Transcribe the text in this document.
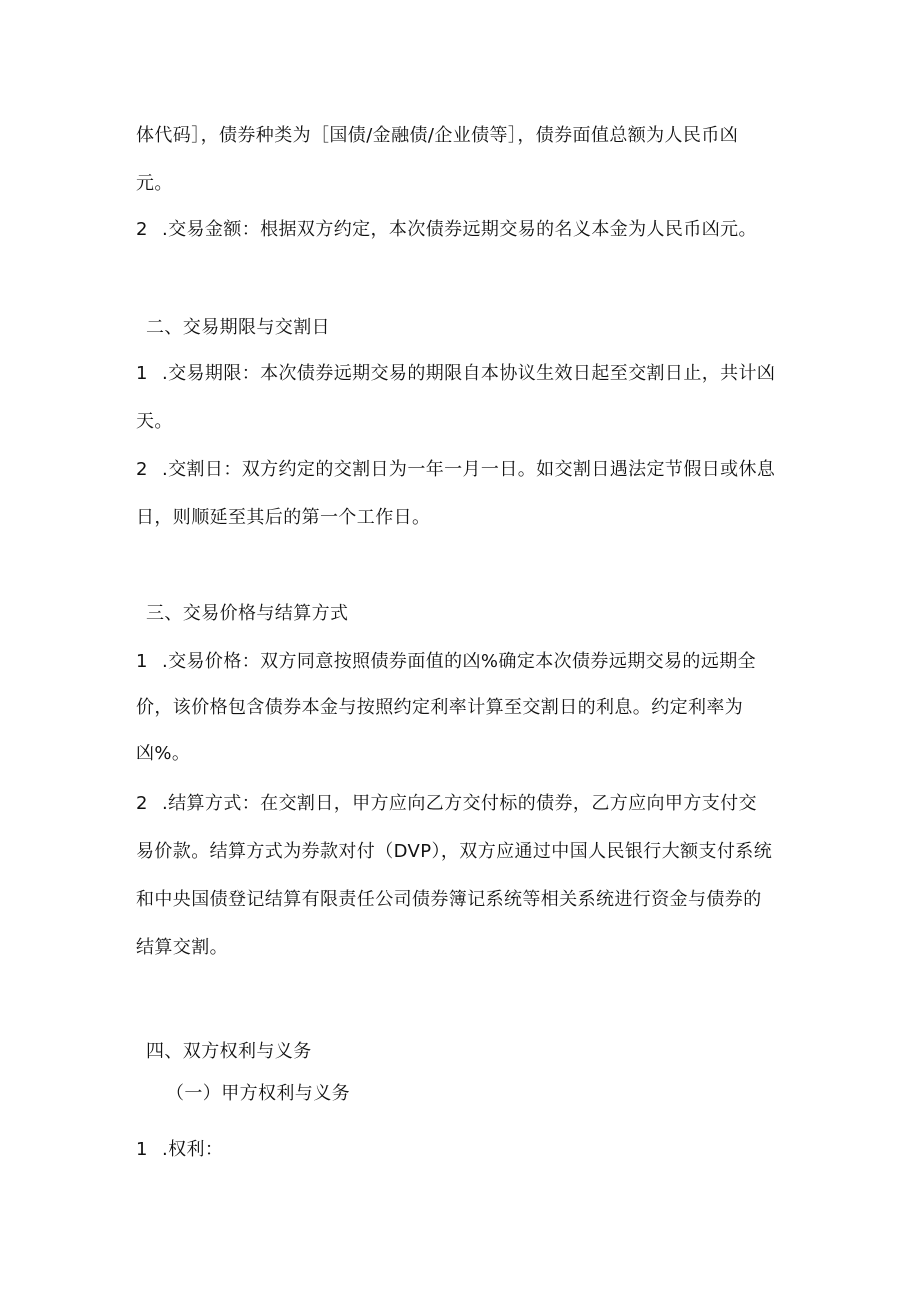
体代码］，债券种类为［国债/金融债/企业债等］，债券面值总额为人民币凶
元。
2 .交易金额：根据双方约定，本次债券远期交易的名义本金为人民币凶元。
二、交易期限与交割日
1 .交易期限：本次债券远期交易的期限自本协议生效日起至交割日止，共计凶
天。
2 .交割日：双方约定的交割日为一年一月一日。如交割日遇法定节假日或休息
日，则顺延至其后的第一个工作日。
三、交易价格与结算方式
1 .交易价格：双方同意按照债券面值的凶%确定本次债券远期交易的远期全
价，该价格包含债券本金与按照约定利率计算至交割日的利息。约定利率为
凶%。
2 .结算方式：在交割日，甲方应向乙方交付标的债券，乙方应向甲方支付交
易价款。结算方式为券款对付（DVP），双方应通过中国人民银行大额支付系统
和中央国债登记结算有限责任公司债券簿记系统等相关系统进行资金与债券的
结算交割。
四、双方权利与义务
（一）甲方权利与义务
1 .权利：
